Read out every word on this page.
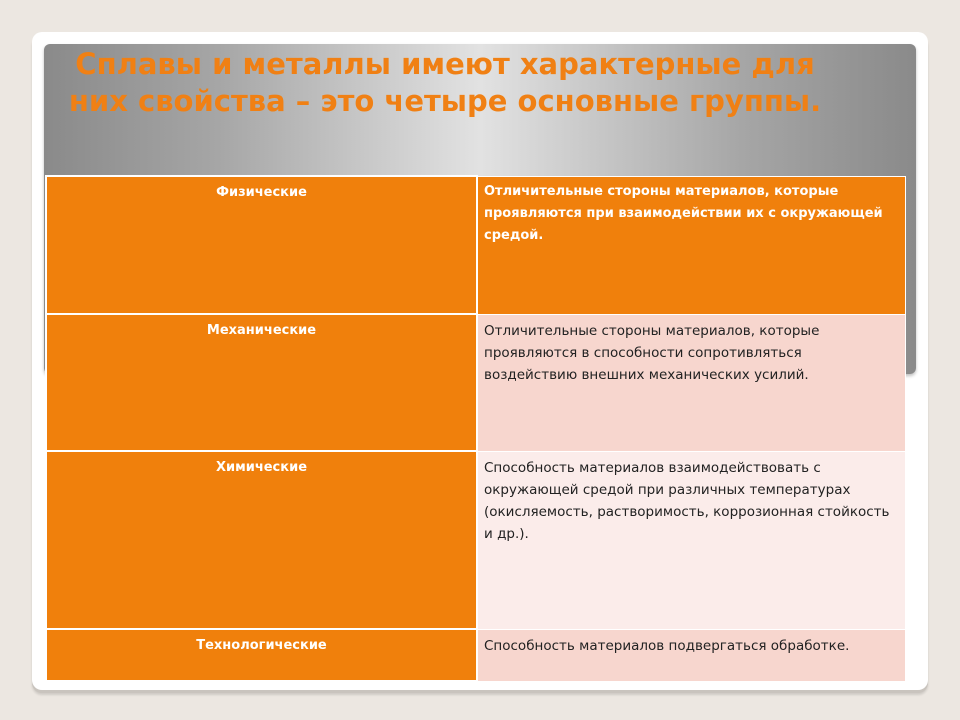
Сплавы и металлы имеют характерные для них свойства – это четыре основные группы.
Физические	Отличительные стороны материалов, которые проявляются при взаимодействии их с окружающей средой.
Механические	Отличительные стороны материалов, которые проявляются в способности сопротивляться воздействию внешних механических усилий.
Химические	Способность материалов взаимодействовать с окружающей средой при различных температурах (окисляемость, растворимость, коррозионная стойкость и др.).
Технологические	Способность материалов подвергаться обработке.
